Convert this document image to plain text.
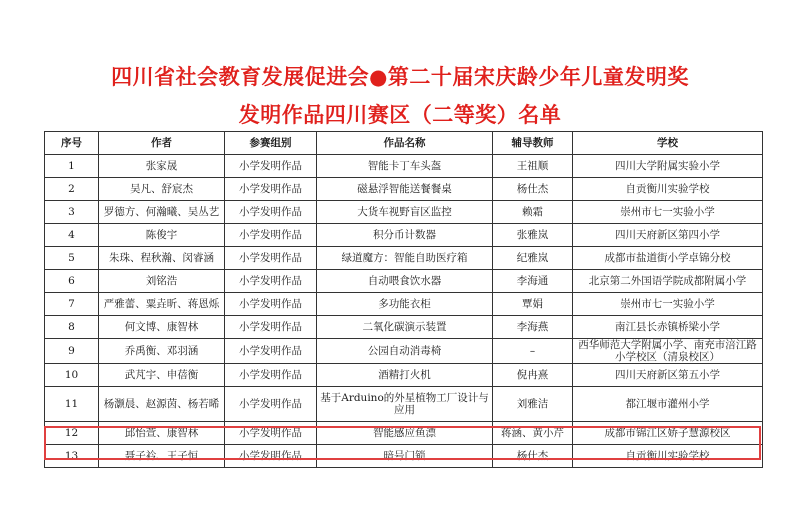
四川省社会教育发展促进会●第二十届宋庆龄少年儿童发明奖
发明作品四川赛区（二等奖）名单
序号	作者	参赛组别	作品名称	辅导教师	学校
1	张家晟	小学发明作品	智能卡丁车头盔	王祖顺	四川大学附属实验小学
2	吴凡、舒宸杰	小学发明作品	磁悬浮智能送餐餐桌	杨仕杰	自贡衡川实验学校
3	罗德方、何瀚曦、吴丛艺	小学发明作品	大货车视野盲区监控	赖霜	崇州市七一实验小学
4	陈俊宇	小学发明作品	积分币计数器	张雅岚	四川天府新区第四小学
5	朱珠、程秋瀚、闵睿涵	小学发明作品	绿道魔方：智能自助医疗箱	纪雅岚	成都市盐道街小学卓锦分校
6	刘铭浩	小学发明作品	自动喂食饮水器	李海通	北京第二外国语学院成都附属小学
7	严雅蕾、粟垚昕、蒋恩烁	小学发明作品	多功能衣柜	覃娟	崇州市七一实验小学
8	何文博、康智林	小学发明作品	二氧化碳演示装置	李海燕	南江县长赤镇桥梁小学
9	乔禹衡、邓羽涵	小学发明作品	公园自动消毒椅	–	西华师范大学附属小学、南充市涪江路小学校区（清泉校区）
10	武芃宇、申蓓衡	小学发明作品	酒精打火机	倪冉熹	四川天府新区第五小学
11	杨灏晨、赵源茵、杨若晞	小学发明作品	基于Arduino的外星植物工厂设计与应用	刘雅洁	都江堰市灌州小学
12	邱怡萱、康智林	小学发明作品	智能感应鱼漂	蒋涵、黄小芹	成都市锦江区娇子慧源校区
13	聂子衿、王子恒	小学发明作品	暗号门锁	杨仕杰	自贡衡川实验学校
